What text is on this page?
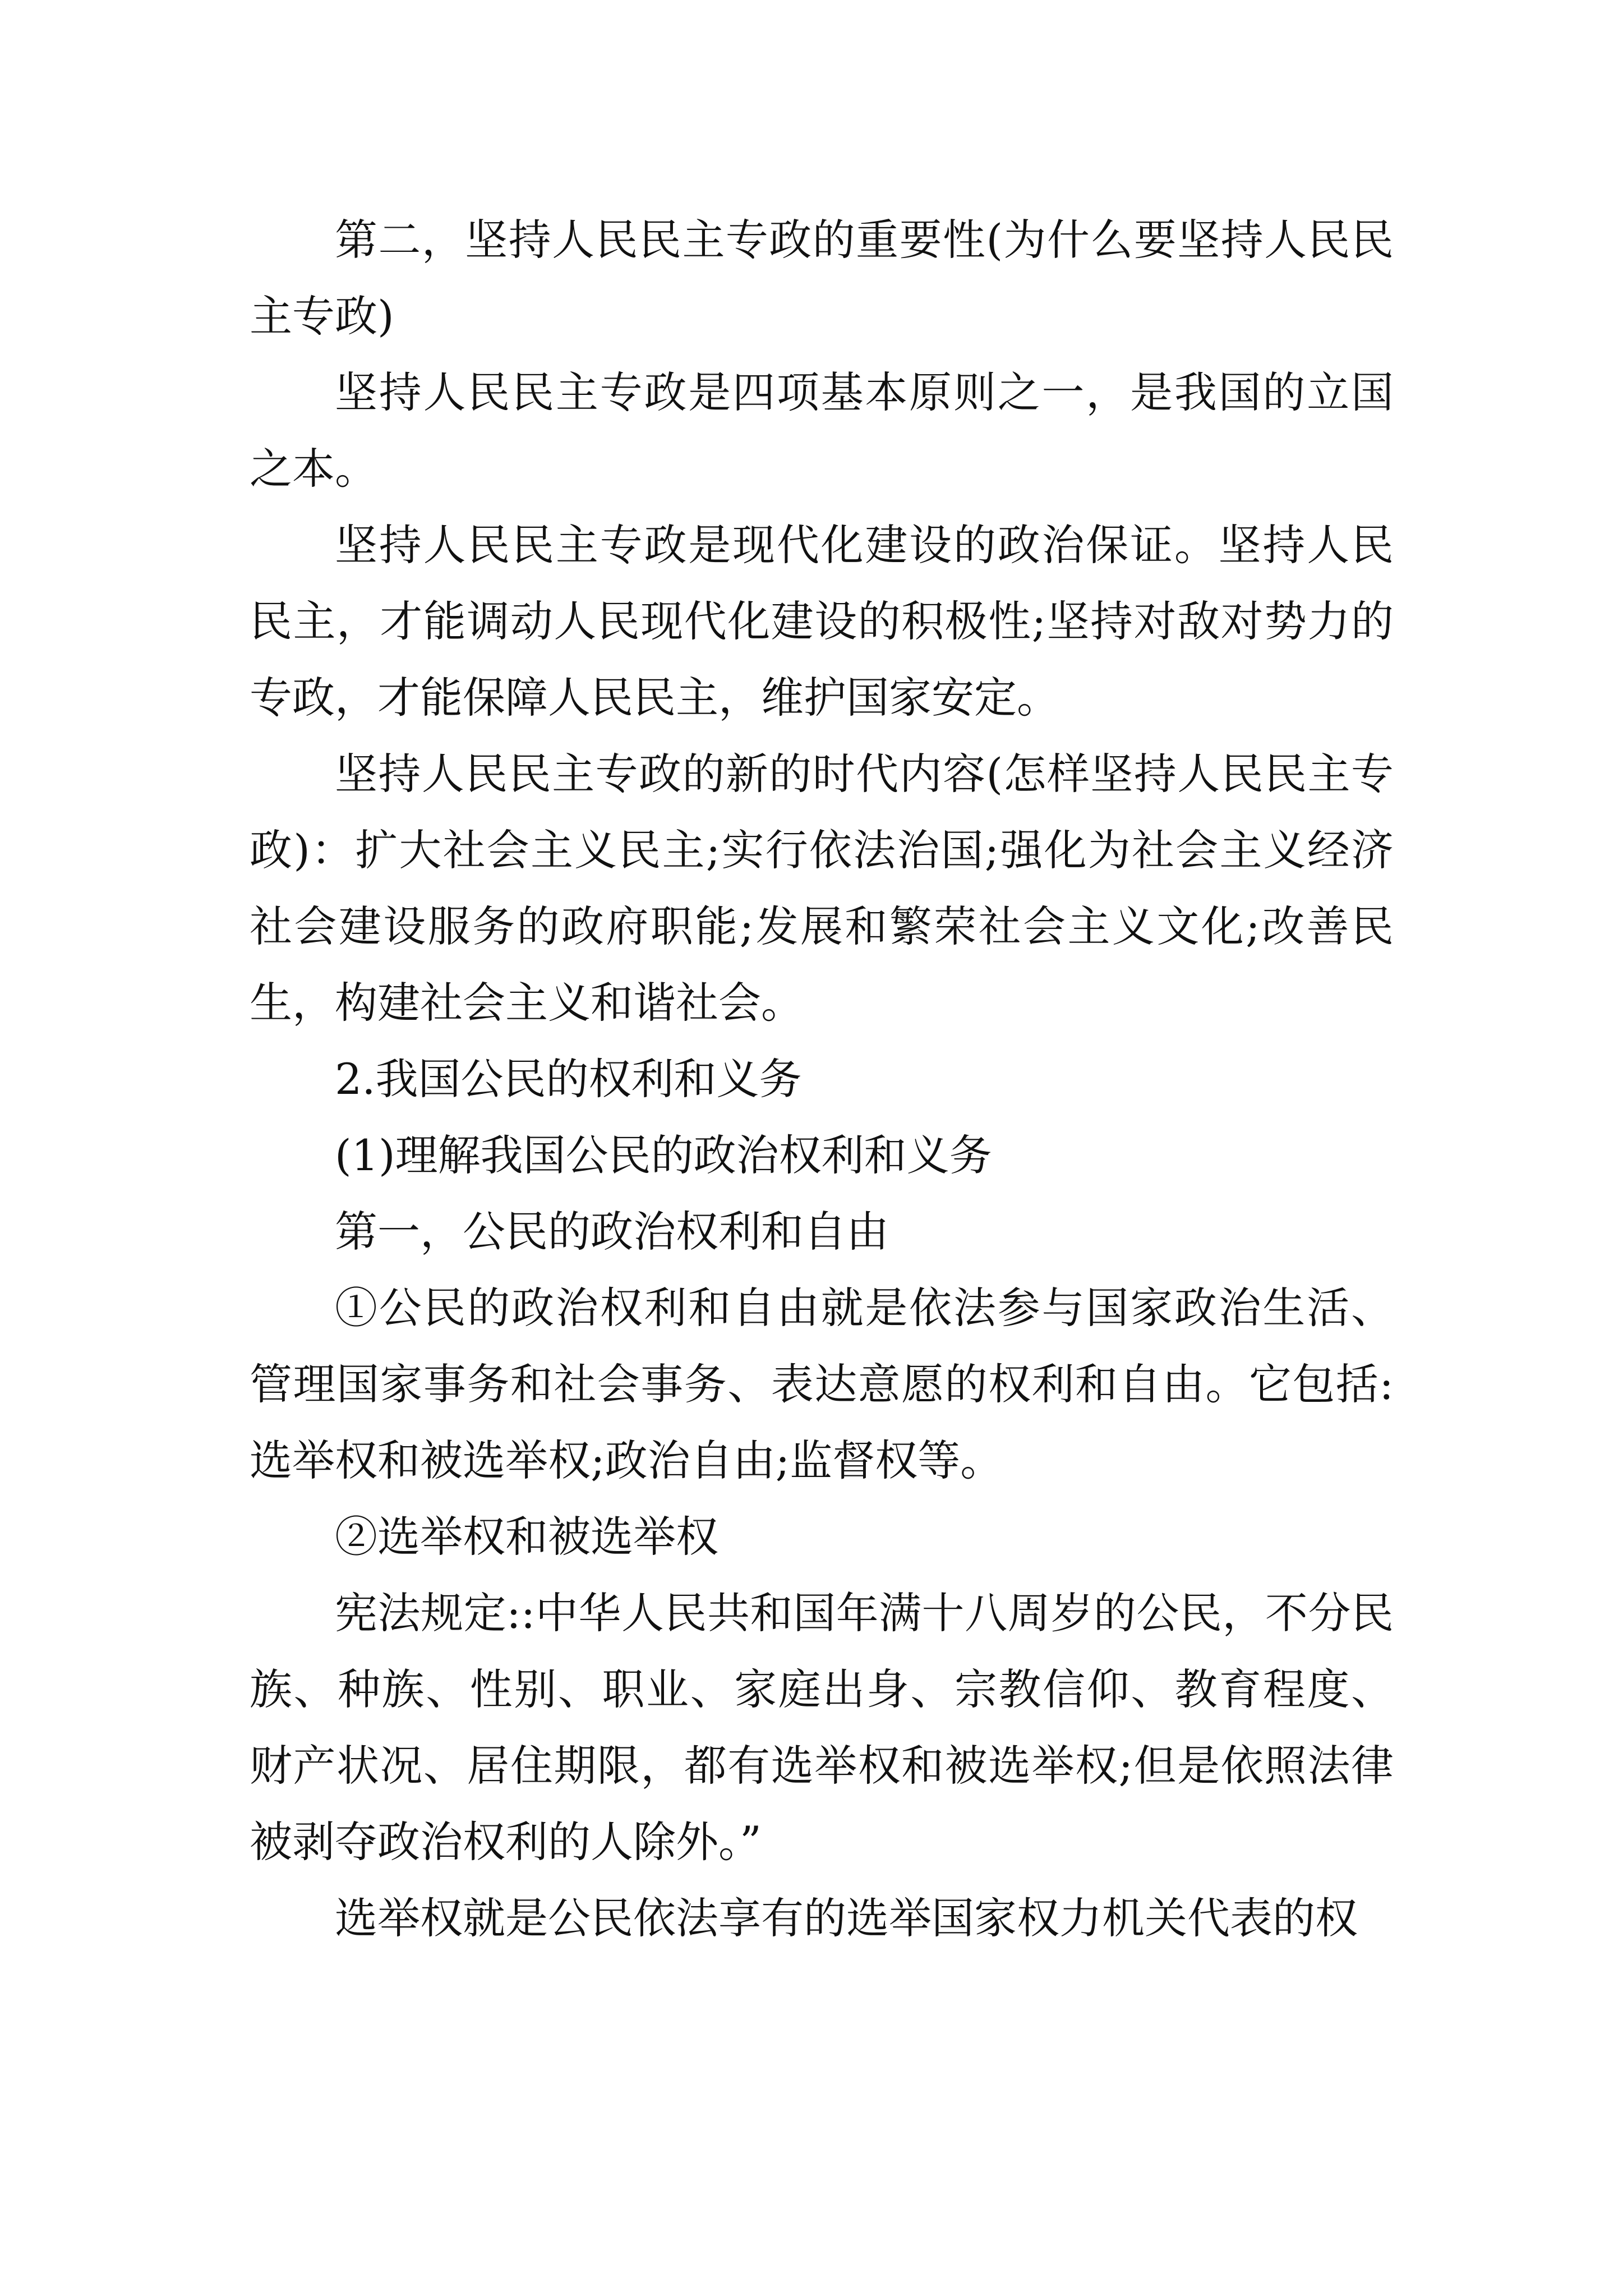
第二，坚持人民民主专政的重要性(为什么要坚持人民民主专政)

坚持人民民主专政是四项基本原则之一，是我国的立国之本。

坚持人民民主专政是现代化建设的政治保证。坚持人民民主，才能调动人民现代化建设的积极性;坚持对敌对势力的专政，才能保障人民民主，维护国家安定。

坚持人民民主专政的新的时代内容(怎样坚持人民民主专政)：扩大社会主义民主;实行依法治国;强化为社会主义经济社会建设服务的政府职能;发展和繁荣社会主义文化;改善民生，构建社会主义和谐社会。

2.我国公民的权利和义务

(1)理解我国公民的政治权利和义务

第一，公民的政治权利和自由

①公民的政治权利和自由就是依法参与国家政治生活、管理国家事务和社会事务、表达意愿的权利和自由。它包括:选举权和被选举权;政治自由;监督权等。

②选举权和被选举权

宪法规定::中华人民共和国年满十八周岁的公民，不分民族、种族、性别、职业、家庭出身、宗教信仰、教育程度、财产状况、居住期限，都有选举权和被选举权;但是依照法律被剥夺政治权利的人除外。”

选举权就是公民依法享有的选举国家权力机关代表的权
